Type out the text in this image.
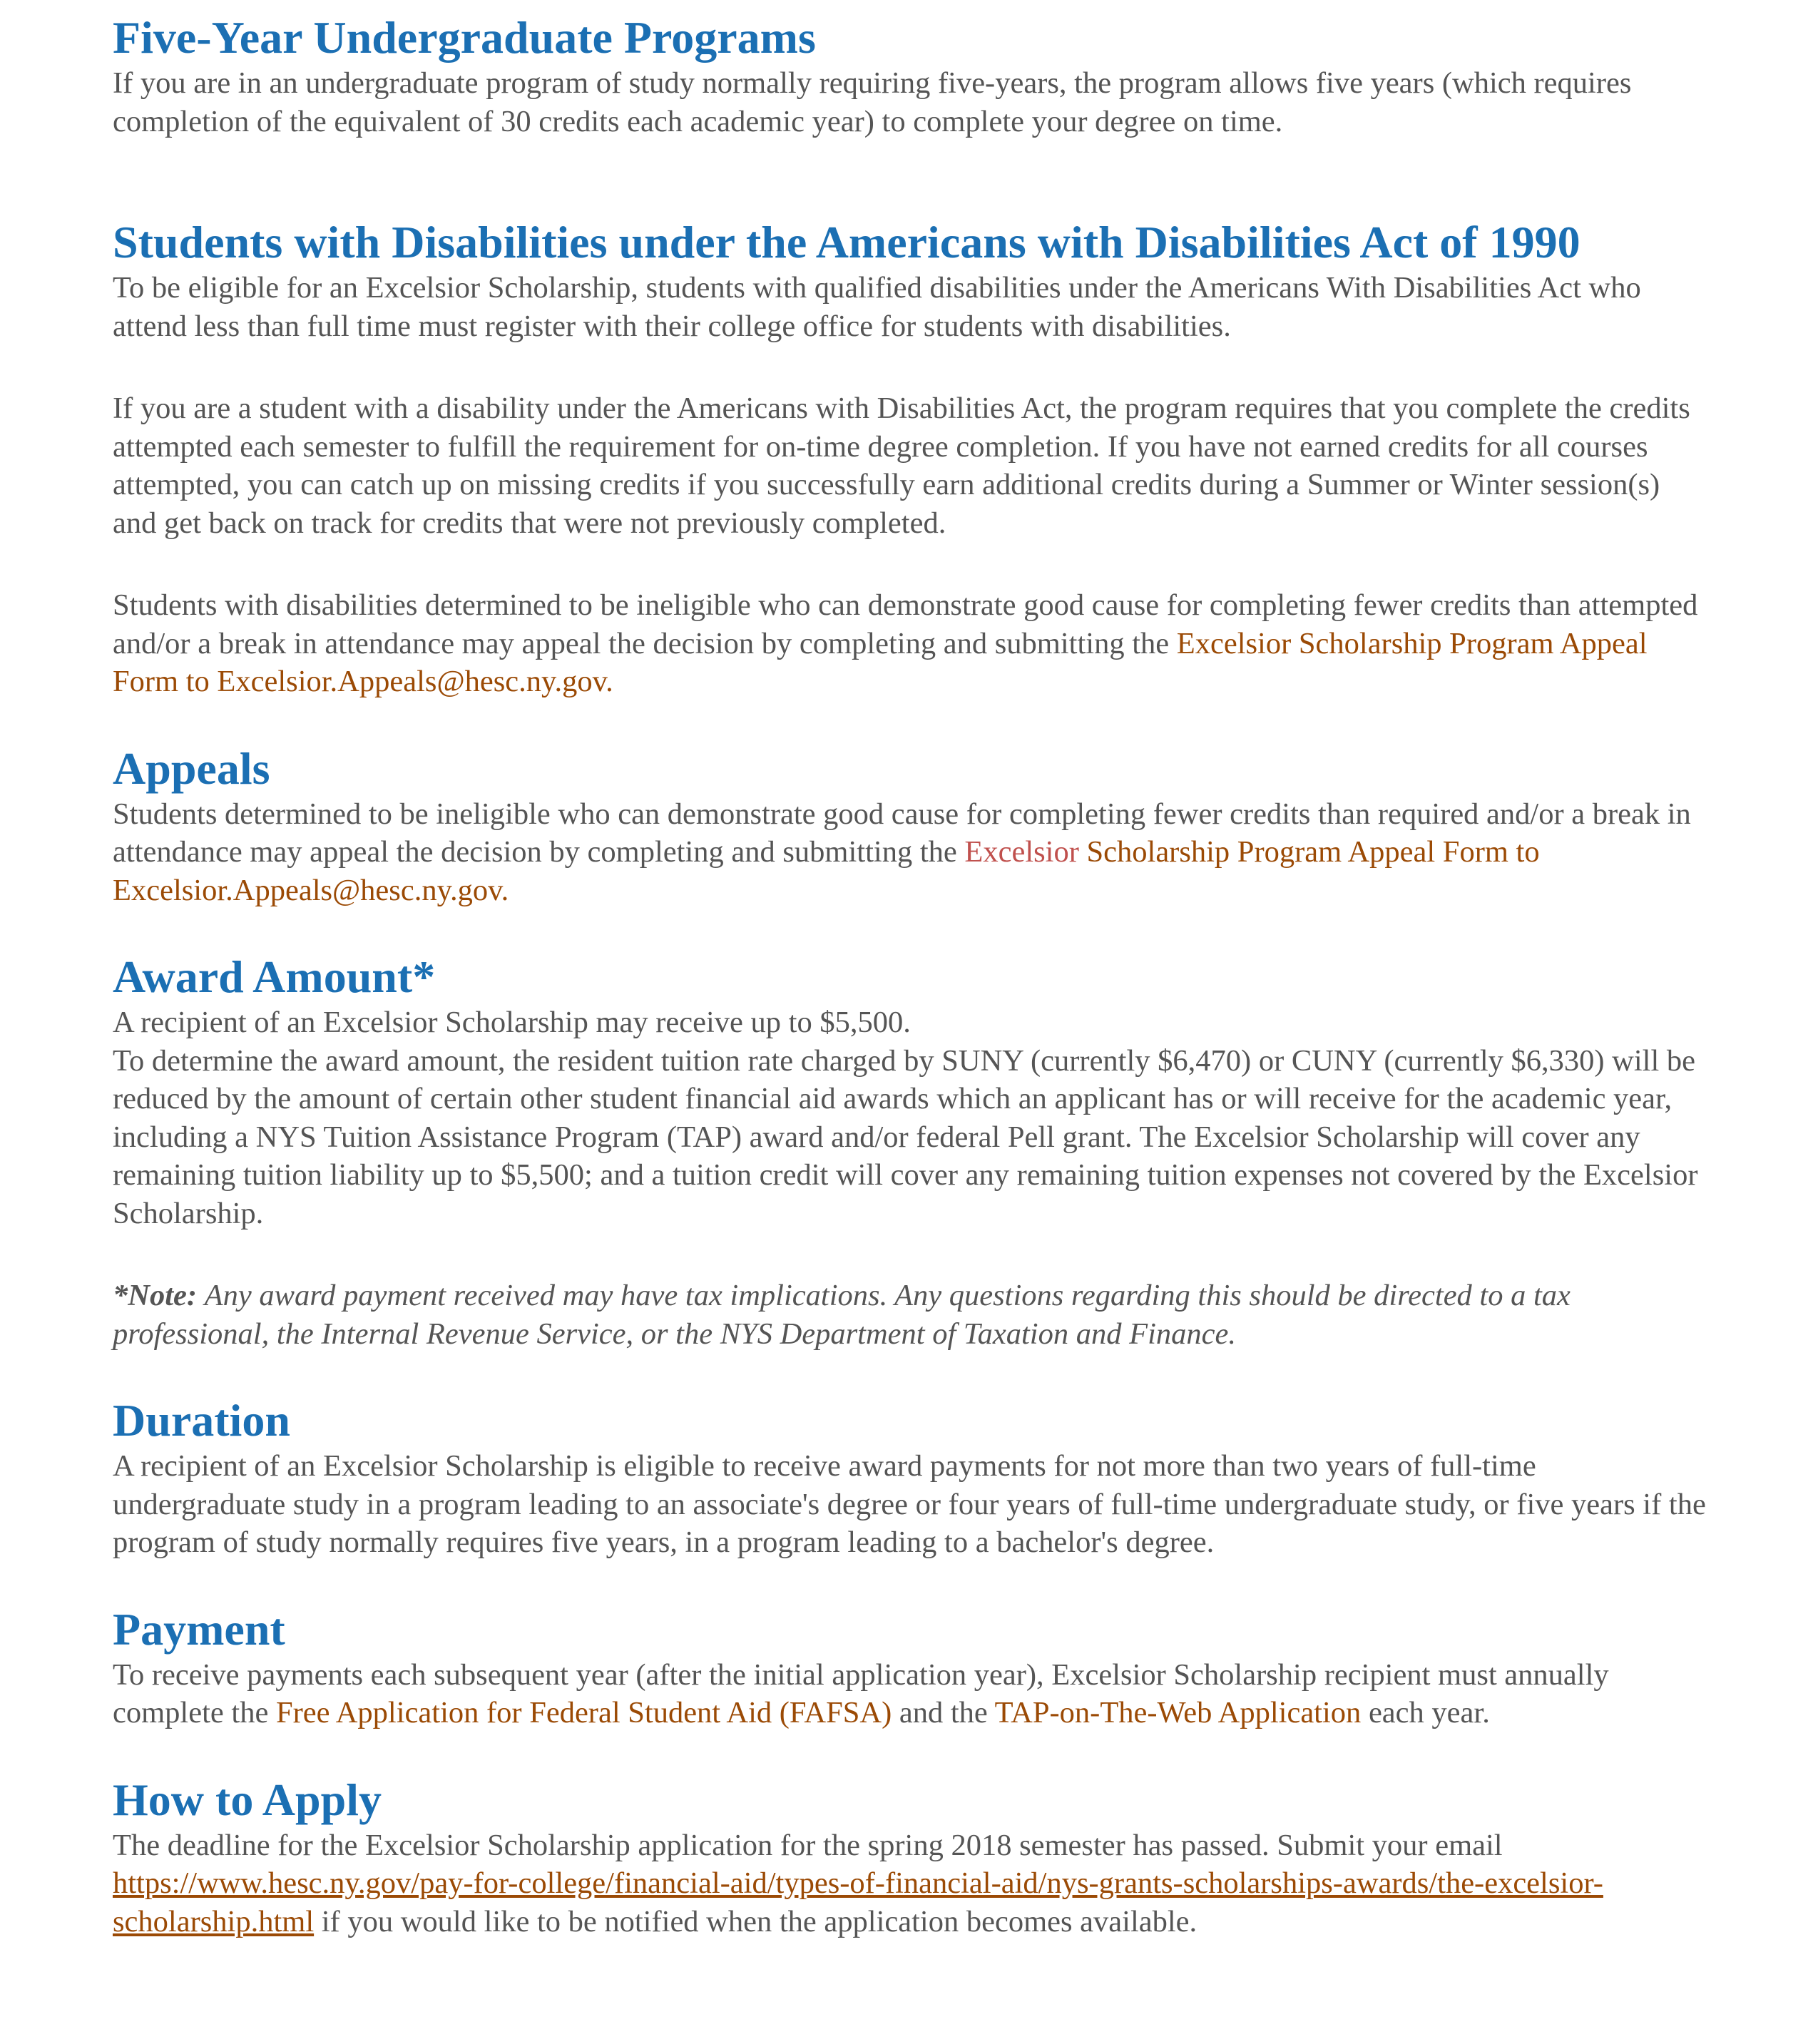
Five-Year Undergraduate Programs

If you are in an undergraduate program of study normally requiring five-years, the program allows five years (which requires completion of the equivalent of 30 credits each academic year) to complete your degree on time.

Students with Disabilities under the Americans with Disabilities Act of 1990

To be eligible for an Excelsior Scholarship, students with qualified disabilities under the Americans With Disabilities Act who attend less than full time must register with their college office for students with disabilities.

If you are a student with a disability under the Americans with Disabilities Act, the program requires that you complete the credits attempted each semester to fulfill the requirement for on-time degree completion. If you have not earned credits for all courses attempted, you can catch up on missing credits if you successfully earn additional credits during a Summer or Winter session(s) and get back on track for credits that were not previously completed.

Students with disabilities determined to be ineligible who can demonstrate good cause for completing fewer credits than attempted and/or a break in attendance may appeal the decision by completing and submitting the Excelsior Scholarship Program Appeal Form to Excelsior.Appeals@hesc.ny.gov.

Appeals

Students determined to be ineligible who can demonstrate good cause for completing fewer credits than required and/or a break in attendance may appeal the decision by completing and submitting the Excelsior Scholarship Program Appeal Form to Excelsior.Appeals@hesc.ny.gov.

Award Amount*

A recipient of an Excelsior Scholarship may receive up to $5,500.

To determine the award amount, the resident tuition rate charged by SUNY (currently $6,470) or CUNY (currently $6,330) will be reduced by the amount of certain other student financial aid awards which an applicant has or will receive for the academic year, including a NYS Tuition Assistance Program (TAP) award and/or federal Pell grant. The Excelsior Scholarship will cover any remaining tuition liability up to $5,500; and a tuition credit will cover any remaining tuition expenses not covered by the Excelsior Scholarship.

*Note: Any award payment received may have tax implications. Any questions regarding this should be directed to a tax professional, the Internal Revenue Service, or the NYS Department of Taxation and Finance.

Duration

A recipient of an Excelsior Scholarship is eligible to receive award payments for not more than two years of full-time undergraduate study in a program leading to an associate's degree or four years of full-time undergraduate study, or five years if the program of study normally requires five years, in a program leading to a bachelor's degree.

Payment

To receive payments each subsequent year (after the initial application year), Excelsior Scholarship recipient must annually complete the Free Application for Federal Student Aid (FAFSA) and the TAP-on-The-Web Application each year.

How to Apply

The deadline for the Excelsior Scholarship application for the spring 2018 semester has passed. Submit your email https://www.hesc.ny.gov/pay-for-college/financial-aid/types-of-financial-aid/nys-grants-scholarships-awards/the-excelsior-scholarship.html if you would like to be notified when the application becomes available.
